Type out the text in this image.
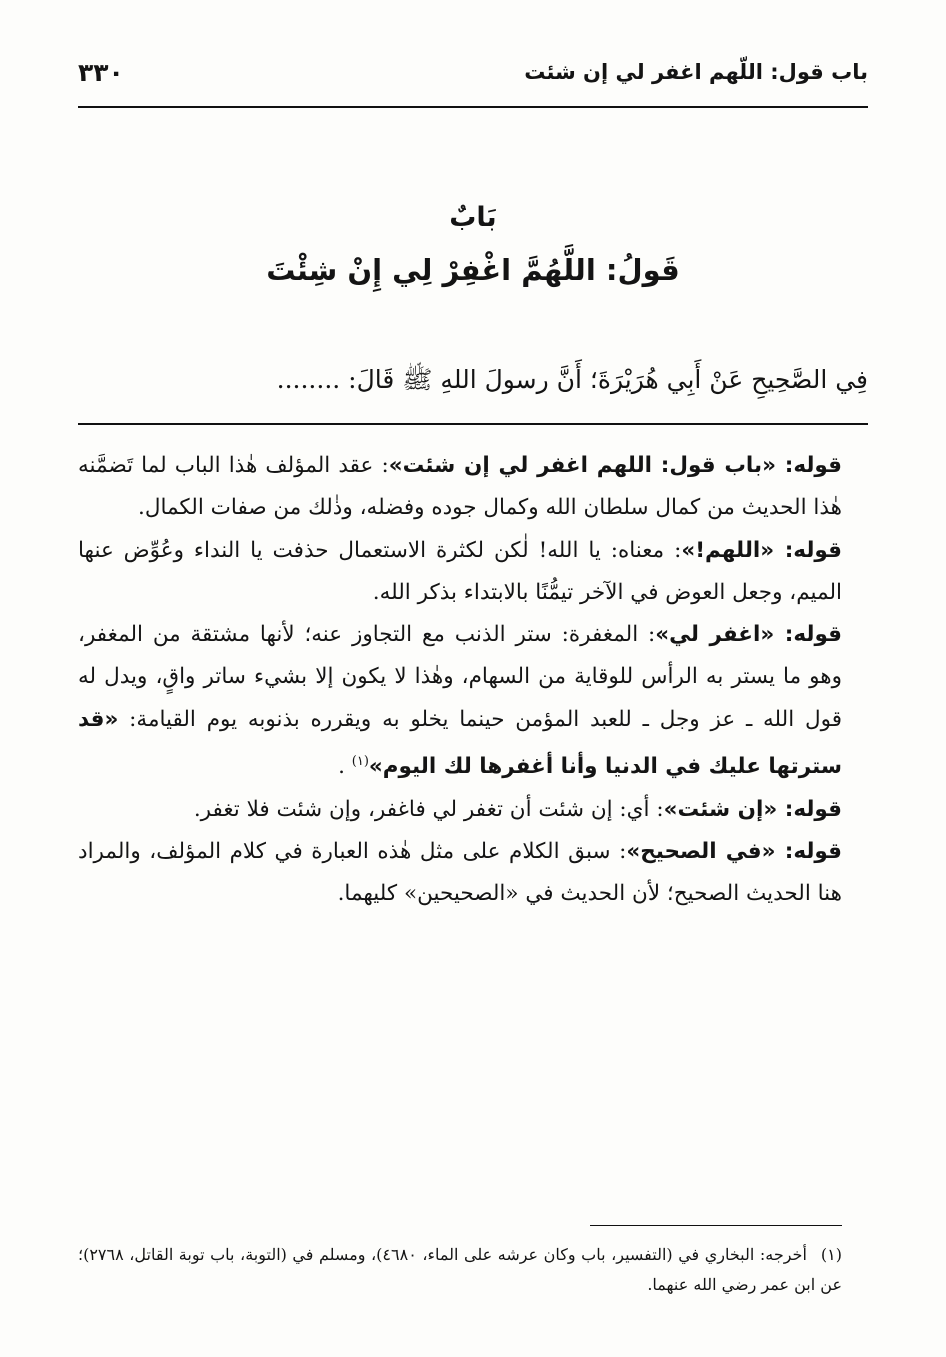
باب قول: اللّهم اغفر لي إن شئت
٣٣٠
بَابٌ
قَولُ: اللَّهُمَّ اغْفِرْ لِي إِنْ شِئْتَ
فِي الصَّحِيحِ عَنْ أَبِي هُرَيْرَةَ؛ أَنَّ رسولَ اللهِ ﷺ قَالَ: ........

قوله: «باب قول: اللهم اغفر لي إن شئت»: عقد المؤلف هٰذا الباب لما تَضمَّنه هٰذا الحديث من كمال سلطان الله وكمال جوده وفضله، وذٰلك من صفات الكمال.

قوله: «اللهم!»: معناه: يا الله! لٰكن لكثرة الاستعمال حذفت يا النداء وعُوِّض عنها الميم، وجعل العوض في الآخر تيمُّنًا بالابتداء بذكر الله.

قوله: «اغفر لي»: المغفرة: ستر الذنب مع التجاوز عنه؛ لأنها مشتقة من المغفر، وهو ما يستر به الرأس للوقاية من السهام، وهٰذا لا يكون إلا بشيء ساتر واقٍ، ويدل له قول الله ـ عز وجل ـ للعبد المؤمن حينما يخلو به ويقرره بذنوبه يوم القيامة: «قد سترتها عليك في الدنيا وأنا أغفرها لك اليوم»$^{(١)}$ .

قوله: «إن شئت»: أي: إن شئت أن تغفر لي فاغفر، وإن شئت فلا تغفر.

قوله: «في الصحيح»: سبق الكلام على مثل هٰذه العبارة في كلام المؤلف، والمراد هنا الحديث الصحيح؛ لأن الحديث في «الصحيحين» كليهما.

(١)أخرجه: البخاري في (التفسير، باب وكان عرشه على الماء، ٤٦٨٠)، ومسلم في (التوبة، باب توبة القاتل، ٢٧٦٨)؛ عن ابن عمر رضي الله عنهما.
